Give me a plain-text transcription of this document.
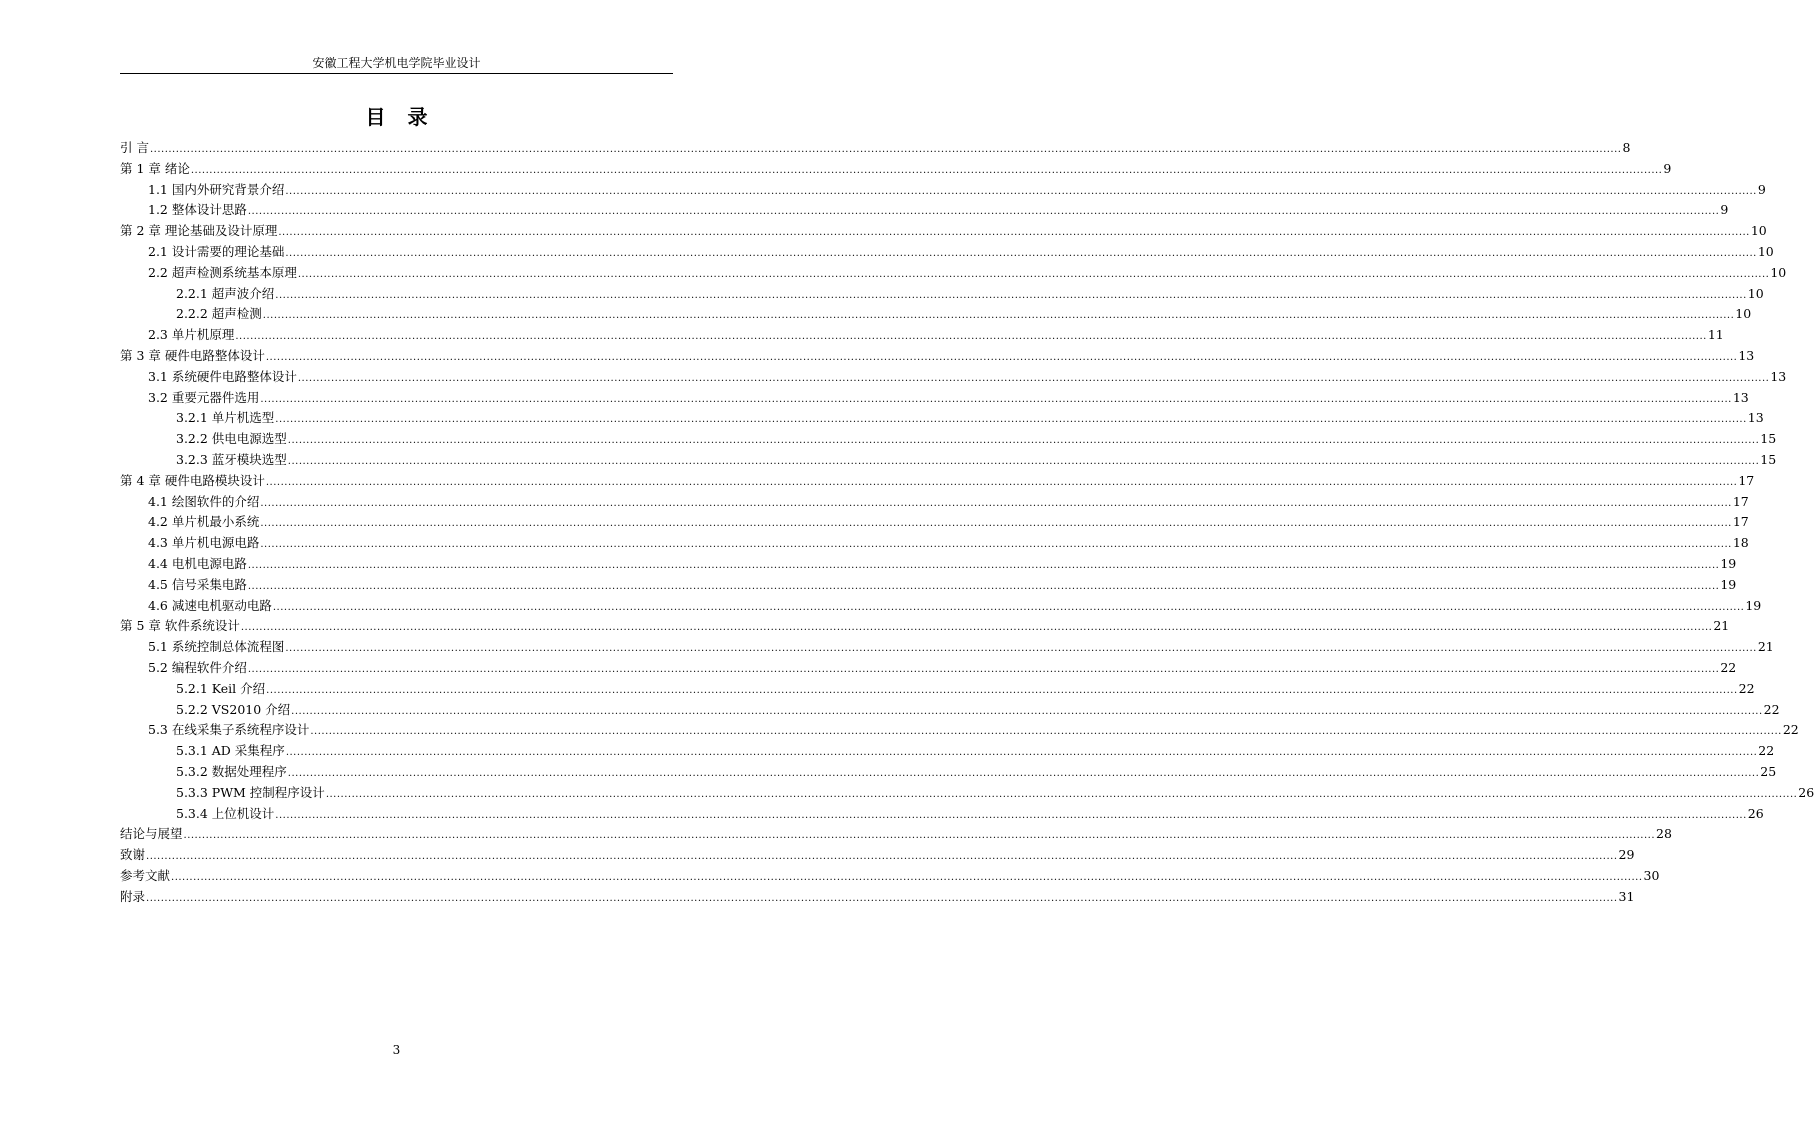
安徽工程大学机电学院毕业设计
目录
引 言 ................................................................................................................................................................................................................................................................................................................................................................................................................ 8
第 1 章 绪论 ................................................................................................................................................................................................................................................................................................................................................................................................................ 9
1.1 国内外研究背景介绍 ................................................................................................................................................................................................................................................................................................................................................................................................................ 9
1.2 整体设计思路 ................................................................................................................................................................................................................................................................................................................................................................................................................ 9
第 2 章 理论基础及设计原理 ................................................................................................................................................................................................................................................................................................................................................................................................................ 10
2.1 设计需要的理论基础 ................................................................................................................................................................................................................................................................................................................................................................................................................ 10
2.2 超声检测系统基本原理 ................................................................................................................................................................................................................................................................................................................................................................................................................ 10
2.2.1 超声波介绍 ................................................................................................................................................................................................................................................................................................................................................................................................................ 10
2.2.2 超声检测 ................................................................................................................................................................................................................................................................................................................................................................................................................ 10
2.3 单片机原理 ................................................................................................................................................................................................................................................................................................................................................................................................................ 11
第 3 章 硬件电路整体设计 ................................................................................................................................................................................................................................................................................................................................................................................................................ 13
3.1 系统硬件电路整体设计 ................................................................................................................................................................................................................................................................................................................................................................................................................ 13
3.2 重要元器件选用 ................................................................................................................................................................................................................................................................................................................................................................................................................ 13
3.2.1 单片机选型 ................................................................................................................................................................................................................................................................................................................................................................................................................ 13
3.2.2 供电电源选型 ................................................................................................................................................................................................................................................................................................................................................................................................................ 15
3.2.3 蓝牙模块选型 ................................................................................................................................................................................................................................................................................................................................................................................................................ 15
第 4 章 硬件电路模块设计 ................................................................................................................................................................................................................................................................................................................................................................................................................ 17
4.1 绘图软件的介绍 ................................................................................................................................................................................................................................................................................................................................................................................................................ 17
4.2 单片机最小系统 ................................................................................................................................................................................................................................................................................................................................................................................................................ 17
4.3 单片机电源电路 ................................................................................................................................................................................................................................................................................................................................................................................................................ 18
4.4 电机电源电路 ................................................................................................................................................................................................................................................................................................................................................................................................................ 19
4.5 信号采集电路 ................................................................................................................................................................................................................................................................................................................................................................................................................ 19
4.6 减速电机驱动电路 ................................................................................................................................................................................................................................................................................................................................................................................................................ 19
第 5 章 软件系统设计 ................................................................................................................................................................................................................................................................................................................................................................................................................ 21
5.1 系统控制总体流程图 ................................................................................................................................................................................................................................................................................................................................................................................................................ 21
5.2 编程软件介绍 ................................................................................................................................................................................................................................................................................................................................................................................................................ 22
5.2.1 Keil 介绍 ................................................................................................................................................................................................................................................................................................................................................................................................................ 22
5.2.2 VS2010 介绍 ................................................................................................................................................................................................................................................................................................................................................................................................................ 22
5.3 在线采集子系统程序设计 ................................................................................................................................................................................................................................................................................................................................................................................................................ 22
5.3.1 AD 采集程序 ................................................................................................................................................................................................................................................................................................................................................................................................................ 22
5.3.2 数据处理程序 ................................................................................................................................................................................................................................................................................................................................................................................................................ 25
5.3.3 PWM 控制程序设计 ................................................................................................................................................................................................................................................................................................................................................................................................................ 26
5.3.4 上位机设计 ................................................................................................................................................................................................................................................................................................................................................................................................................ 26
结论与展望 ................................................................................................................................................................................................................................................................................................................................................................................................................ 28
致谢 ................................................................................................................................................................................................................................................................................................................................................................................................................ 29
参考文献 ................................................................................................................................................................................................................................................................................................................................................................................................................ 30
附录 ................................................................................................................................................................................................................................................................................................................................................................................................................ 31
3
